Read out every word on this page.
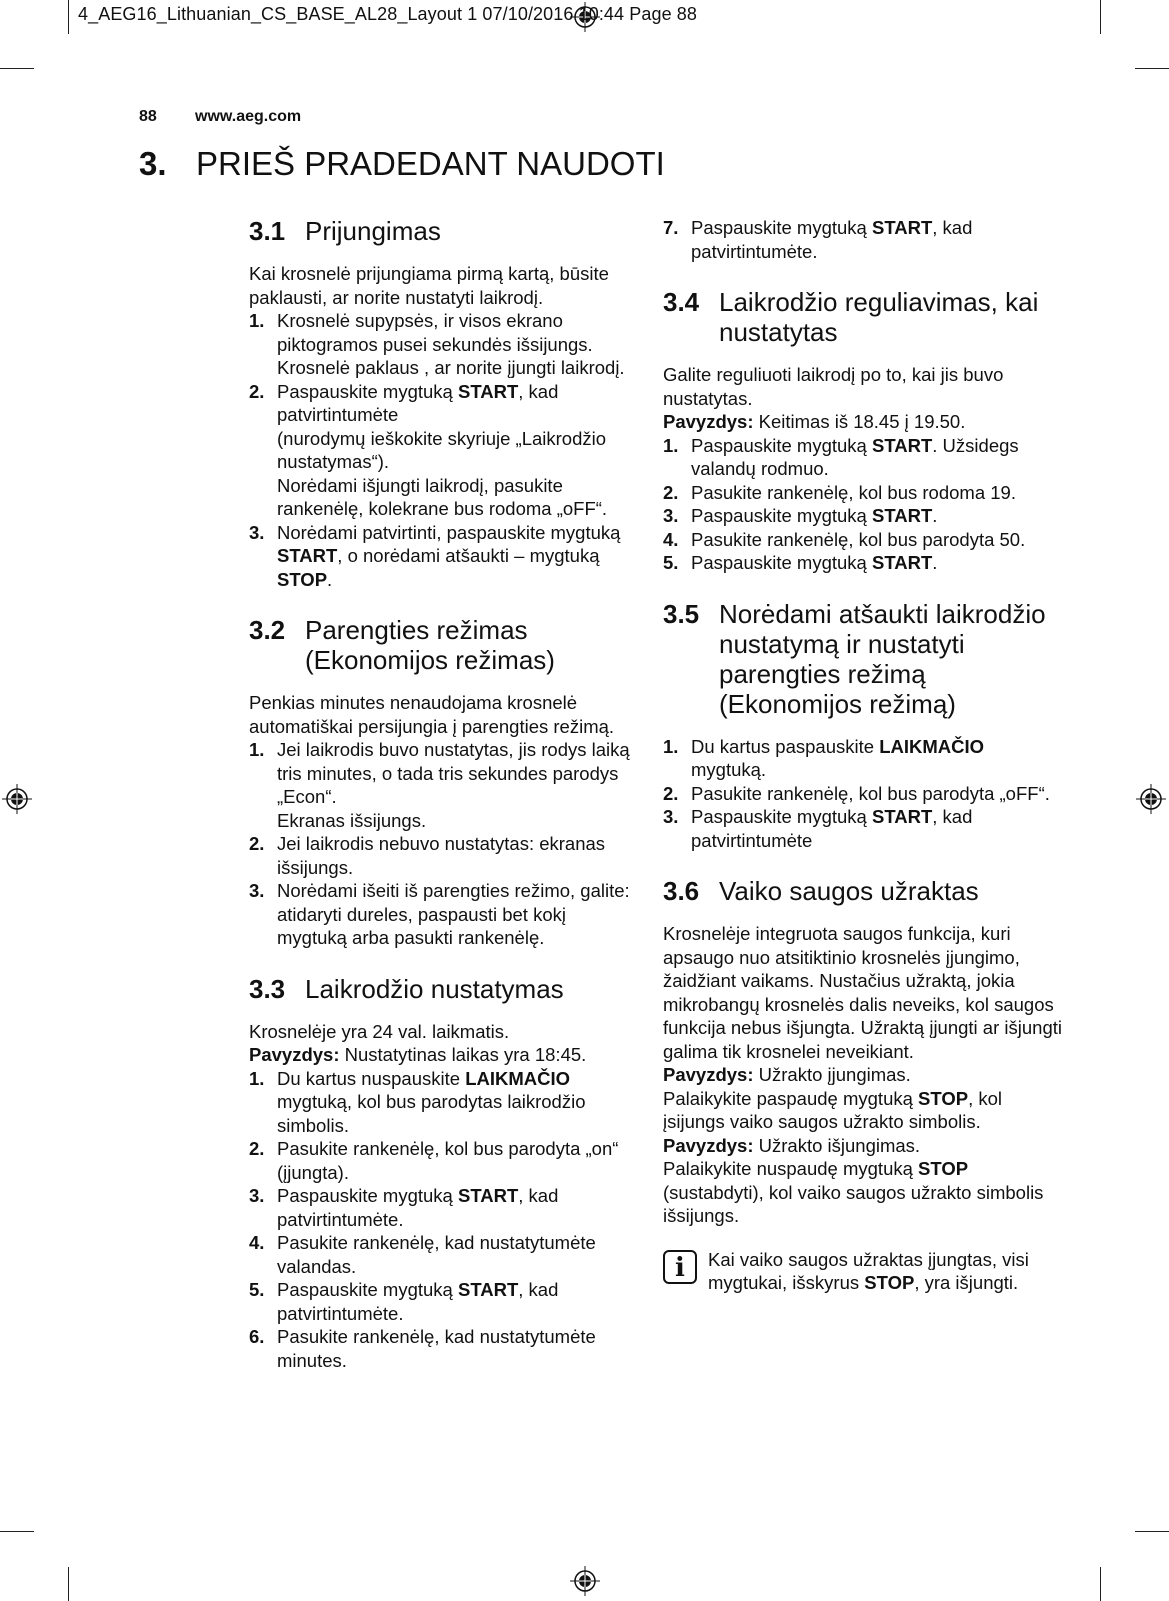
4_AEG16_Lithuanian_CS_BASE_AL28_Layout 1 07/10/2016 10:44 Page 88
88 www.aeg.com
3. PRIEŠ PRADEDANT NAUDOTI
3.1 Prijungimas

Kai krosnelė prijungiama pirmą kartą, būsite paklausti, ar norite nustatyti laikrodį.

1. Krosnelė supypsės, ir visos ekrano piktogramos pusei sekundės išsijungs.
Krosnelė paklaus , ar norite įjungti laikrodį.
2. Paspauskite mygtuką START, kad patvirtintumėte
(nurodymų ieškokite skyriuje „Laikrodžio nustatymas“).
Norėdami išjungti laikrodį, pasukite rankenėlę, kolekrane bus rodoma „oFF“.
3. Norėdami patvirtinti, paspauskite mygtuką START, o norėdami atšaukti – mygtuką STOP.
3.2 Parengties režimas (Ekonomijos režimas)

Penkias minutes nenaudojama krosnelė automatiškai persijungia į parengties režimą.

1. Jei laikrodis buvo nustatytas, jis rodys laiką tris minutes, o tada tris sekundes parodys „Econ“.
Ekranas išsijungs.
2. Jei laikrodis nebuvo nustatytas: ekranas išsijungs.
3. Norėdami išeiti iš parengties režimo, galite:
atidaryti dureles, paspausti bet kokį mygtuką arba pasukti rankenėlę.
3.3 Laikrodžio nustatymas

Krosnelėje yra 24 val. laikmatis.

Pavyzdys: Nustatytinas laikas yra 18:45.

1. Du kartus nuspauskite LAIKMAČIO mygtuką, kol bus parodytas laikrodžio simbolis.
2. Pasukite rankenėlę, kol bus parodyta „on“ (įjungta).
3. Paspauskite mygtuką START, kad patvirtintumėte.
4. Pasukite rankenėlę, kad nustatytumėte valandas.
5. Paspauskite mygtuką START, kad patvirtintumėte.
6. Pasukite rankenėlę, kad nustatytumėte minutes.
7. Paspauskite mygtuką START, kad patvirtintumėte.
3.4 Laikrodžio reguliavimas, kai nustatytas

Galite reguliuoti laikrodį po to, kai jis buvo nustatytas.

Pavyzdys: Keitimas iš 18.45 į 19.50.

1. Paspauskite mygtuką START. Užsidegs valandų rodmuo.
2. Pasukite rankenėlę, kol bus rodoma 19.
3. Paspauskite mygtuką START.
4. Pasukite rankenėlę, kol bus parodyta 50.
5. Paspauskite mygtuką START.
3.5 Norėdami atšaukti laikrodžio nustatymą ir nustatyti parengties režimą (Ekonomijos režimą)
1. Du kartus paspauskite LAIKMAČIO mygtuką.
2. Pasukite rankenėlę, kol bus parodyta „oFF“.
3. Paspauskite mygtuką START, kad patvirtintumėte
3.6 Vaiko saugos užraktas

Krosnelėje integruota saugos funkcija, kuri apsaugo nuo atsitiktinio krosnelės įjungimo, žaidžiant vaikams. Nustačius užraktą, jokia mikrobangų krosnelės dalis neveiks, kol saugos funkcija nebus išjungta. Užraktą įjungti ar išjungti galima tik krosnelei neveikiant.

Pavyzdys: Užrakto įjungimas.

Palaikykite paspaudę mygtuką STOP, kol įsijungs vaiko saugos užrakto simbolis.

Pavyzdys: Užrakto išjungimas.

Palaikykite nuspaudę mygtuką STOP (sustabdyti), kol vaiko saugos užrakto simbolis išsijungs.

i	Kai vaiko saugos užraktas įjungtas, visi mygtukai, išskyrus STOP, yra išjungti.
